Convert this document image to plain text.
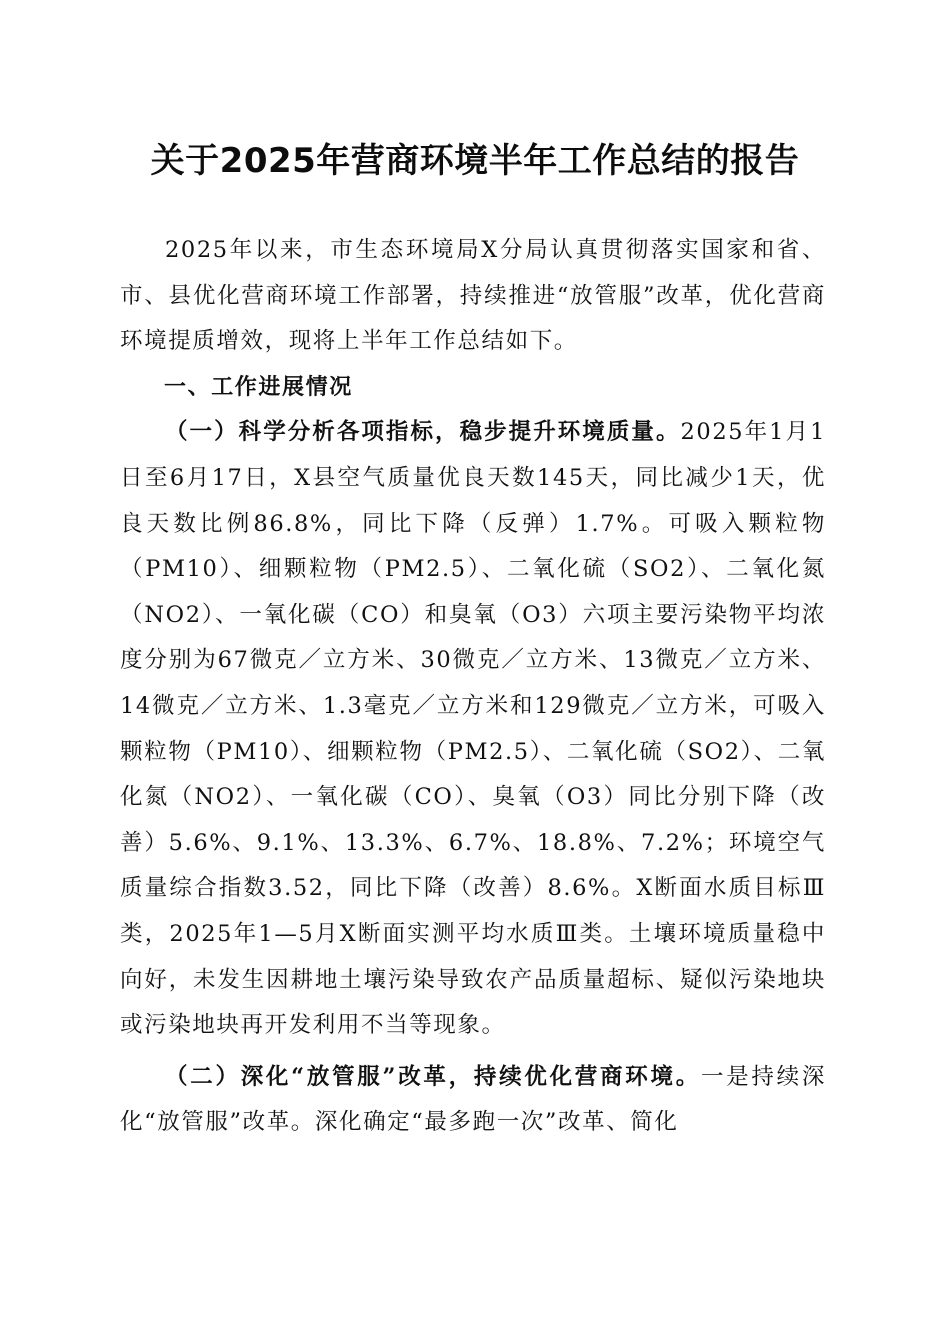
关于2025年营商环境半年工作总结的报告

2025年以来，市生态环境局X分局认真贯彻落实国家和省、市、县优化营商环境工作部署，持续推进“放管服”改革，优化营商环境提质增效，现将上半年工作总结如下。

一、工作进展情况

（一）科学分析各项指标，稳步提升环境质量。2025年1月1日至6月17日，X县空气质量优良天数145天，同比减少1天，优良天数比例86.8%，同比下降（反弹）1.7%。可吸入颗粒物（PM10）、细颗粒物（PM2.5）、二氧化硫（SO2）、二氧化氮（NO2）、一氧化碳（CO）和臭氧（O3）六项主要污染物平均浓度分别为67微克／立方米、30微克／立方米、13微克／立方米、14微克／立方米、1.3毫克／立方米和129微克／立方米，可吸入颗粒物（PM10）、细颗粒物（PM2.5）、二氧化硫（SO2）、二氧化氮（NO2）、一氧化碳（CO）、臭氧（O3）同比分别下降（改善）5.6%、9.1%、13.3%、6.7%、18.8%、7.2%；环境空气质量综合指数3.52，同比下降（改善）8.6%。X断面水质目标Ⅲ类，2025年1—5月X断面实测平均水质Ⅲ类。土壤环境质量稳中向好，未发生因耕地土壤污染导致农产品质量超标、疑似污染地块或污染地块再开发利用不当等现象。

（二）深化“放管服”改革，持续优化营商环境。一是持续深化“放管服”改革。深化确定“最多跑一次”改革、简化
